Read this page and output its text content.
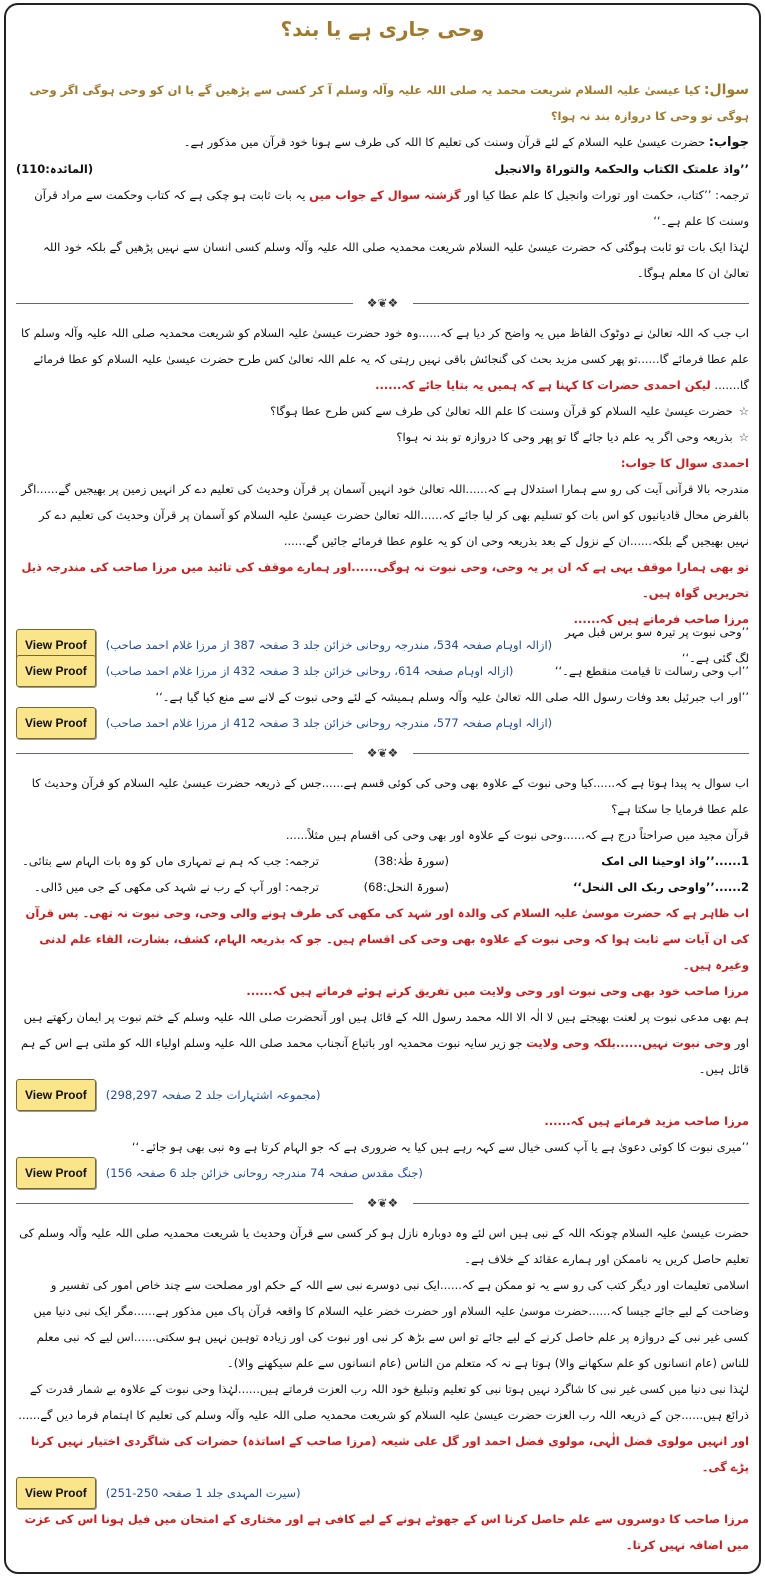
وحی جاری ہے یا بند؟
سوال: کیا عیسیٰ علیہ السلام شریعت محمد یہ صلی اللہ علیہ وآلہ وسلم آ کر کسی سے پڑھیں گے یا ان کو وحی ہوگی اگر وحی ہوگی تو وحی کا دروازہ بند نہ ہوا؟
جواب: حضرت عیسیٰ علیہ السلام کے لئے قرآن وسنت کی تعلیم کا اللہ کی طرف سے ہونا خود قرآن میں مذکور ہے۔
’’واذ علمتک الکتاب والحکمۃ والتوراۃ والانجیل
(المائدہ:110)
ترجمہ: ’’کتاب، حکمت اور تورات وانجیل کا علم عطا کیا اور گزشتہ سوال کے جواب میں یہ بات ثابت ہو چکی ہے کہ کتاب وحکمت سے مراد قرآن وسنت کا علم ہے۔‘‘
لہٰذا ایک بات تو ثابت ہوگئی کہ حضرت عیسیٰ علیہ السلام شریعت محمدیہ صلی اللہ علیہ وآلہ وسلم کسی انسان سے نہیں پڑھیں گے بلکہ خود اللہ تعالیٰ ان کا معلم ہوگا۔
❖❦❖
اب جب کہ اللہ تعالیٰ نے دوٹوک الفاظ میں یہ واضح کر دیا ہے کہ......وہ خود حضرت عیسیٰ علیہ السلام کو شریعت محمدیہ صلی اللہ علیہ وآلہ وسلم کا علم عطا فرمائے گا......تو پھر کسی مزید بحث کی گنجائش باقی نہیں رہتی کہ یہ علم اللہ تعالیٰ کس طرح حضرت عیسیٰ علیہ السلام کو عطا فرمائے گا....... لیکن احمدی حضرات کا کہنا ہے کہ ہمیں یہ بتایا جائے کہ......
☆حضرت عیسیٰ علیہ السلام کو قرآن وسنت کا علم اللہ تعالیٰ کی طرف سے کس طرح عطا ہوگا؟
☆بذریعہ وحی اگر یہ علم دیا جائے گا تو پھر وحی کا دروازہ تو بند نہ ہوا؟
احمدی سوال کا جواب:
مندرجہ بالا قرآنی آیت کی رو سے ہمارا استدلال ہے کہ......اللہ تعالیٰ خود انہیں آسمان پر قرآن وحدیث کی تعلیم دے کر انہیں زمین پر بھیجیں گے......اگر بالفرض محال قادیانیوں کو اس بات کو تسلیم بھی کر لیا جائے کہ......اللہ تعالیٰ حضرت عیسیٰ علیہ السلام کو آسمان پر قرآن وحدیث کی تعلیم دے کر نہیں بھیجیں گے بلکہ......ان کے نزول کے بعد بذریعہ وحی ان کو یہ علوم عطا فرمائے جائیں گے......
تو بھی ہمارا موقف یہی ہے کہ ان پر یہ وحی، وحی نبوت نہ ہوگی......اور ہمارے موقف کی تائید میں مرزا صاحب کی مندرجہ ذیل تحریریں گواہ ہیں۔
مرزا صاحب فرماتے ہیں کہ......
View Proof	(ازالہ اوہام صفحہ 534، مندرجہ روحانی خزائن جلد 3 صفحہ 387 از مرزا غلام احمد صاحب)
’’وحی نبوت پر تیرہ سو برس قبل مہر لگ گئی ہے۔‘‘
View Proof	(ازالہ اوہام صفحہ 614، روحانی خزائن جلد 3 صفحہ 432 از مرزا غلام احمد صاحب)	’’اب وحی رسالت تا قیامت منقطع ہے۔‘‘
’’اور اب جبرئیل بعد وفات رسول اللہ صلی اللہ تعالیٰ علیہ وآلہ وسلم ہمیشہ کے لئے وحی نبوت کے لانے سے منع کیا گیا ہے۔‘‘
View Proof	(ازالہ اوہام صفحہ 577، مندرجہ روحانی خزائن جلد 3 صفحہ 412 از مرزا غلام احمد صاحب)
❖❦❖
اب سوال یہ پیدا ہوتا ہے کہ......کیا وحی نبوت کے علاوہ بھی وحی کی کوئی قسم ہے......جس کے ذریعہ حضرت عیسیٰ علیہ السلام کو قرآن وحدیث کا علم عطا فرمایا جا سکتا ہے؟
قرآن مجید میں صراحتاً درج ہے کہ......وحی نبوت کے علاوہ اور بھی وحی کی اقسام ہیں مثلاً......
1......’’واذ اوحینا الی امک
(سورۃ طٰہٰ:38)
ترجمہ: جب کہ ہم نے تمہاری ماں کو وہ بات الہام سے بتائی۔
2......’’واوحی ربک الی النحل‘‘
(سورۃ النحل:68)
ترجمہ: اور آپ کے رب نے شہد کی مکھی کے جی میں ڈالی۔
اب ظاہر ہے کہ حضرت موسیٰ علیہ السلام کی والدہ اور شہد کی مکھی کی طرف ہونے والی وحی، وحی نبوت نہ تھی۔ پس قرآن کی ان آیات سے ثابت ہوا کہ وحی نبوت کے علاوہ بھی وحی کی اقسام ہیں۔ جو کہ بذریعہ الہام، کشف، بشارت، القاء علم لدنی وغیرہ ہیں۔
مرزا صاحب خود بھی وحی نبوت اور وحی ولایت میں تفریق کرتے ہوئے فرماتے ہیں کہ......
ہم بھی مدعی نبوت پر لعنت بھیجتے ہیں لا الٰہ الا اللہ محمد رسول اللہ کے قائل ہیں اور آنحضرت صلی اللہ علیہ وسلم کے ختم نبوت پر ایمان رکھتے ہیں اور وحی نبوت نہیں......بلکہ وحی ولایت جو زیر سایہ نبوت محمدیہ اور باتباع آنجناب محمد صلی اللہ علیہ وسلم اولیاء اللہ کو ملتی ہے اس کے ہم قائل ہیں۔
View Proof	(مجموعہ اشتہارات جلد 2 صفحہ 298,297)
مرزا صاحب مزید فرماتے ہیں کہ......
’’میری نبوت کا کوئی دعویٰ ہے یا آپ کسی خیال سے کہہ رہے ہیں کیا یہ ضروری ہے کہ جو الہام کرتا ہے وہ نبی بھی ہو جائے۔‘‘
View Proof	(جنگ مقدس صفحہ 74 مندرجہ روحانی خزائن جلد 6 صفحہ 156)
❖❦❖
حضرت عیسیٰ علیہ السلام چونکہ اللہ کے نبی ہیں اس لئے وہ دوبارہ نازل ہو کر کسی سے قرآن وحدیث یا شریعت محمدیہ صلی اللہ علیہ وآلہ وسلم کی تعلیم حاصل کریں یہ ناممکن اور ہمارے عقائد کے خلاف ہے۔
اسلامی تعلیمات اور دیگر کتب کی رو سے یہ تو ممکن ہے کہ......ایک نبی دوسرے نبی سے اللہ کے حکم اور مصلحت سے چند خاص امور کی تفسیر و وضاحت کے لیے جائے جیسا کہ......حضرت موسیٰ علیہ السلام اور حضرت خضر علیہ السلام کا واقعہ قرآن پاک میں مذکور ہے......مگر ایک نبی دنیا میں کسی غیر نبی کے دروازہ پر علم حاصل کرنے کے لیے جائے تو اس سے بڑھ کر نبی اور نبوت کی اور زیادہ توہین نہیں ہو سکتی......اس لیے کہ نبی معلم للناس (عام انسانوں کو علم سکھانے والا) ہوتا ہے نہ کہ متعلم من الناس (عام انسانوں سے علم سیکھنے والا)۔
لہٰذا نبی دنیا میں کسی غیر نبی کا شاگرد نہیں ہوتا نبی کو تعلیم وتبلیغ خود اللہ رب العزت فرماتے ہیں......لہٰذا وحی نبوت کے علاوہ بے شمار قدرت کے ذرائع ہیں......جن کے ذریعہ اللہ رب العزت حضرت عیسیٰ علیہ السلام کو شریعت محمدیہ صلی اللہ علیہ وآلہ وسلم کی تعلیم کا اہتمام فرما دیں گے...... اور انہیں مولوی فضل الٰہی، مولوی فضل احمد اور گل علی شیعہ (مرزا صاحب کے اساتذہ) حضرات کی شاگردی اختیار نہیں کرنا پڑے گی۔
View Proof	(سیرت المہدی جلد 1 صفحہ 250-251)
مرزا صاحب کا دوسروں سے علم حاصل کرنا اس کے جھوٹے ہونے کے لیے کافی ہے اور مختاری کے امتحان میں فیل ہونا اس کی عزت میں اضافہ نہیں کرتا۔
